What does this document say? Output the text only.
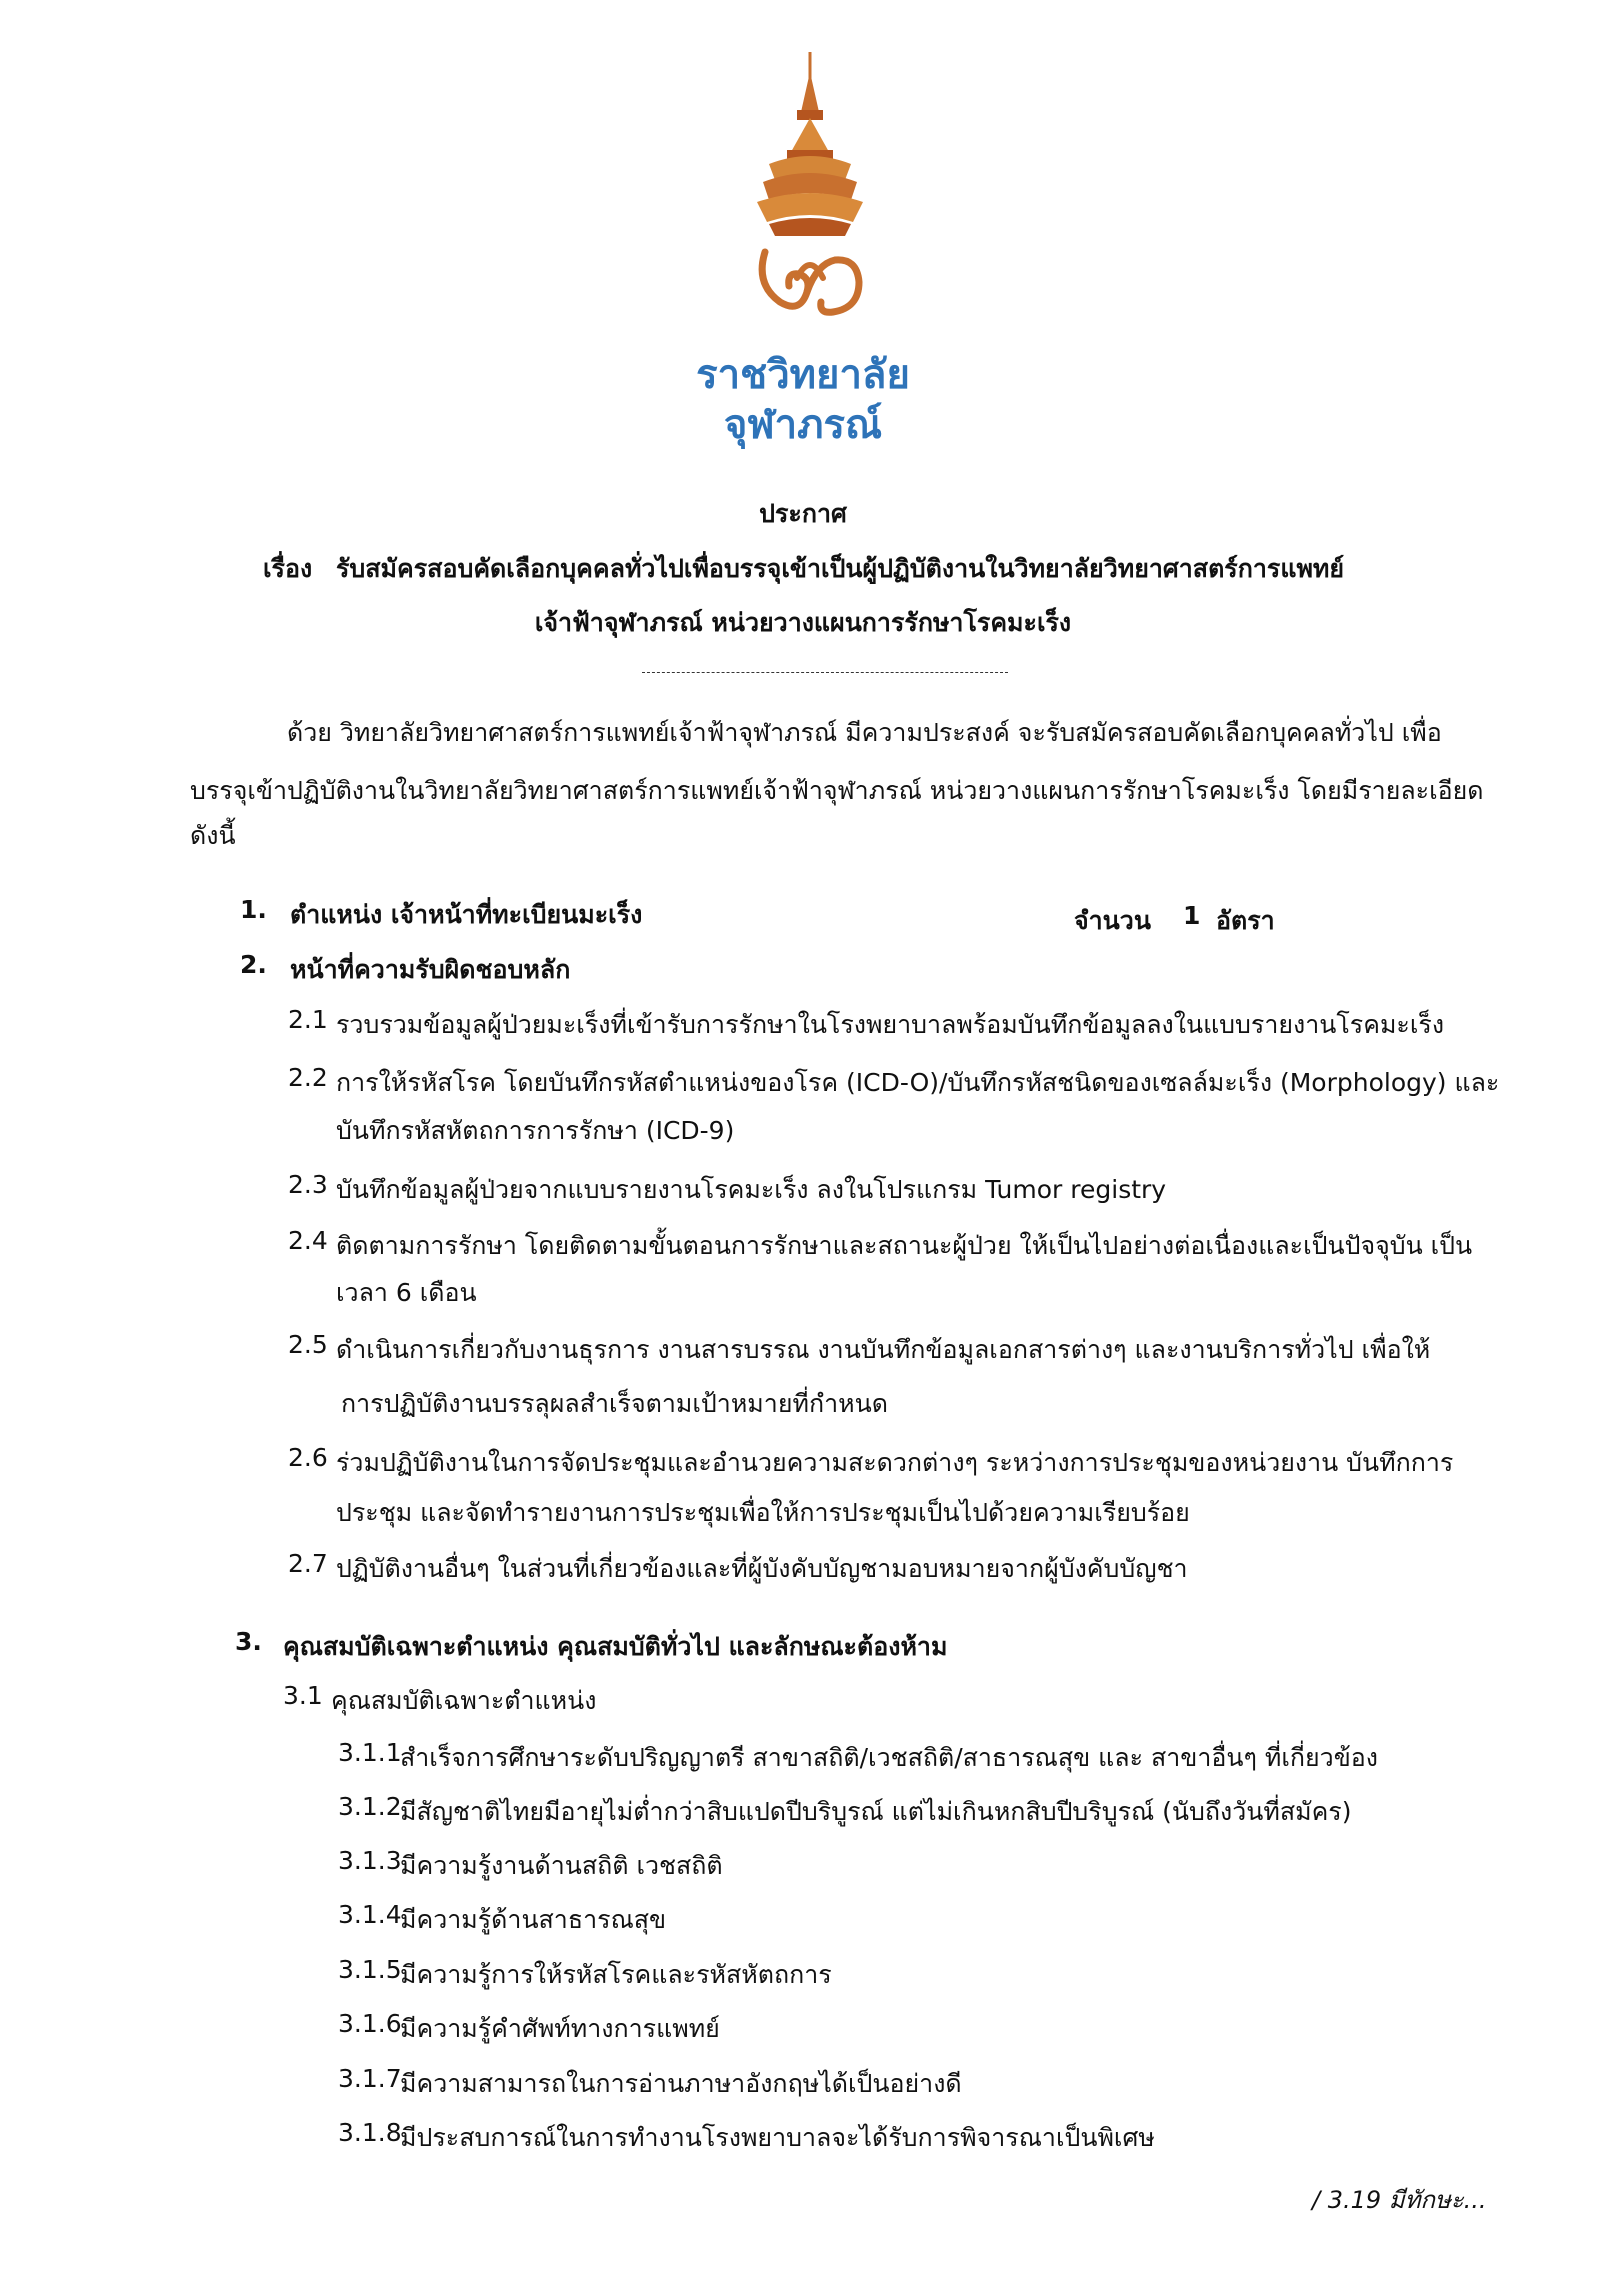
ราชวิทยาลัย
จุฬาภรณ์
ประกาศ
เรื่อง รับสมัครสอบคัดเลือกบุคคลทั่วไปเพื่อบรรจุเข้าเป็นผู้ปฏิบัติงานในวิทยาลัยวิทยาศาสตร์การแพทย์
เจ้าฟ้าจุฬาภรณ์ หน่วยวางแผนการรักษาโรคมะเร็ง
ด้วย วิทยาลัยวิทยาศาสตร์การแพทย์เจ้าฟ้าจุฬาภรณ์ มีความประสงค์ จะรับสมัครสอบคัดเลือกบุคคลทั่วไป เพื่อ
บรรจุเข้าปฏิบัติงานในวิทยาลัยวิทยาศาสตร์การแพทย์เจ้าฟ้าจุฬาภรณ์ หน่วยวางแผนการรักษาโรคมะเร็ง โดยมีรายละเอียด
ดังนี้
1. ตำแหน่ง เจ้าหน้าที่ทะเบียนมะเร็ง	จำนวน 1 อัตรา
2. หน้าที่ความรับผิดชอบหลัก
2.1 รวบรวมข้อมูลผู้ป่วยมะเร็งที่เข้ารับการรักษาในโรงพยาบาลพร้อมบันทึกข้อมูลลงในแบบรายงานโรคมะเร็ง
2.2 การให้รหัสโรค โดยบันทึกรหัสตำแหน่งของโรค (ICD-O)/บันทึกรหัสชนิดของเซลล์มะเร็ง (Morphology) และ
บันทึกรหัสหัตถการการรักษา (ICD-9)
2.3 บันทึกข้อมูลผู้ป่วยจากแบบรายงานโรคมะเร็ง ลงในโปรแกรม Tumor registry
2.4 ติดตามการรักษา โดยติดตามขั้นตอนการรักษาและสถานะผู้ป่วย ให้เป็นไปอย่างต่อเนื่องและเป็นปัจจุบัน เป็น
เวลา 6 เดือน
2.5 ดำเนินการเกี่ยวกับงานธุรการ งานสารบรรณ งานบันทึกข้อมูลเอกสารต่างๆ และงานบริการทั่วไป เพื่อให้
การปฏิบัติงานบรรลุผลสำเร็จตามเป้าหมายที่กำหนด
2.6 ร่วมปฏิบัติงานในการจัดประชุมและอำนวยความสะดวกต่างๆ ระหว่างการประชุมของหน่วยงาน บันทึกการ
ประชุม และจัดทำรายงานการประชุมเพื่อให้การประชุมเป็นไปด้วยความเรียบร้อย
2.7 ปฏิบัติงานอื่นๆ ในส่วนที่เกี่ยวข้องและที่ผู้บังคับบัญชามอบหมายจากผู้บังคับบัญชา
3. คุณสมบัติเฉพาะตำแหน่ง คุณสมบัติทั่วไป และลักษณะต้องห้าม
3.1 คุณสมบัติเฉพาะตำแหน่ง
3.1.1
สำเร็จการศึกษาระดับปริญญาตรี สาขาสถิติ/เวชสถิติ/สาธารณสุข และ สาขาอื่นๆ ที่เกี่ยวข้อง
3.1.2
มีสัญชาติไทยมีอายุไม่ต่ำกว่าสิบแปดปีบริบูรณ์ แต่ไม่เกินหกสิบปีบริบูรณ์ (นับถึงวันที่สมัคร)
3.1.3
มีความรู้งานด้านสถิติ เวชสถิติ
3.1.4
มีความรู้ด้านสาธารณสุข
3.1.5
มีความรู้การให้รหัสโรคและรหัสหัตถการ
3.1.6
มีความรู้คำศัพท์ทางการแพทย์
3.1.7
มีความสามารถในการอ่านภาษาอังกฤษได้เป็นอย่างดี
3.1.8
มีประสบการณ์ในการทำงานโรงพยาบาลจะได้รับการพิจารณาเป็นพิเศษ
/ 3.19 มีทักษะ...
